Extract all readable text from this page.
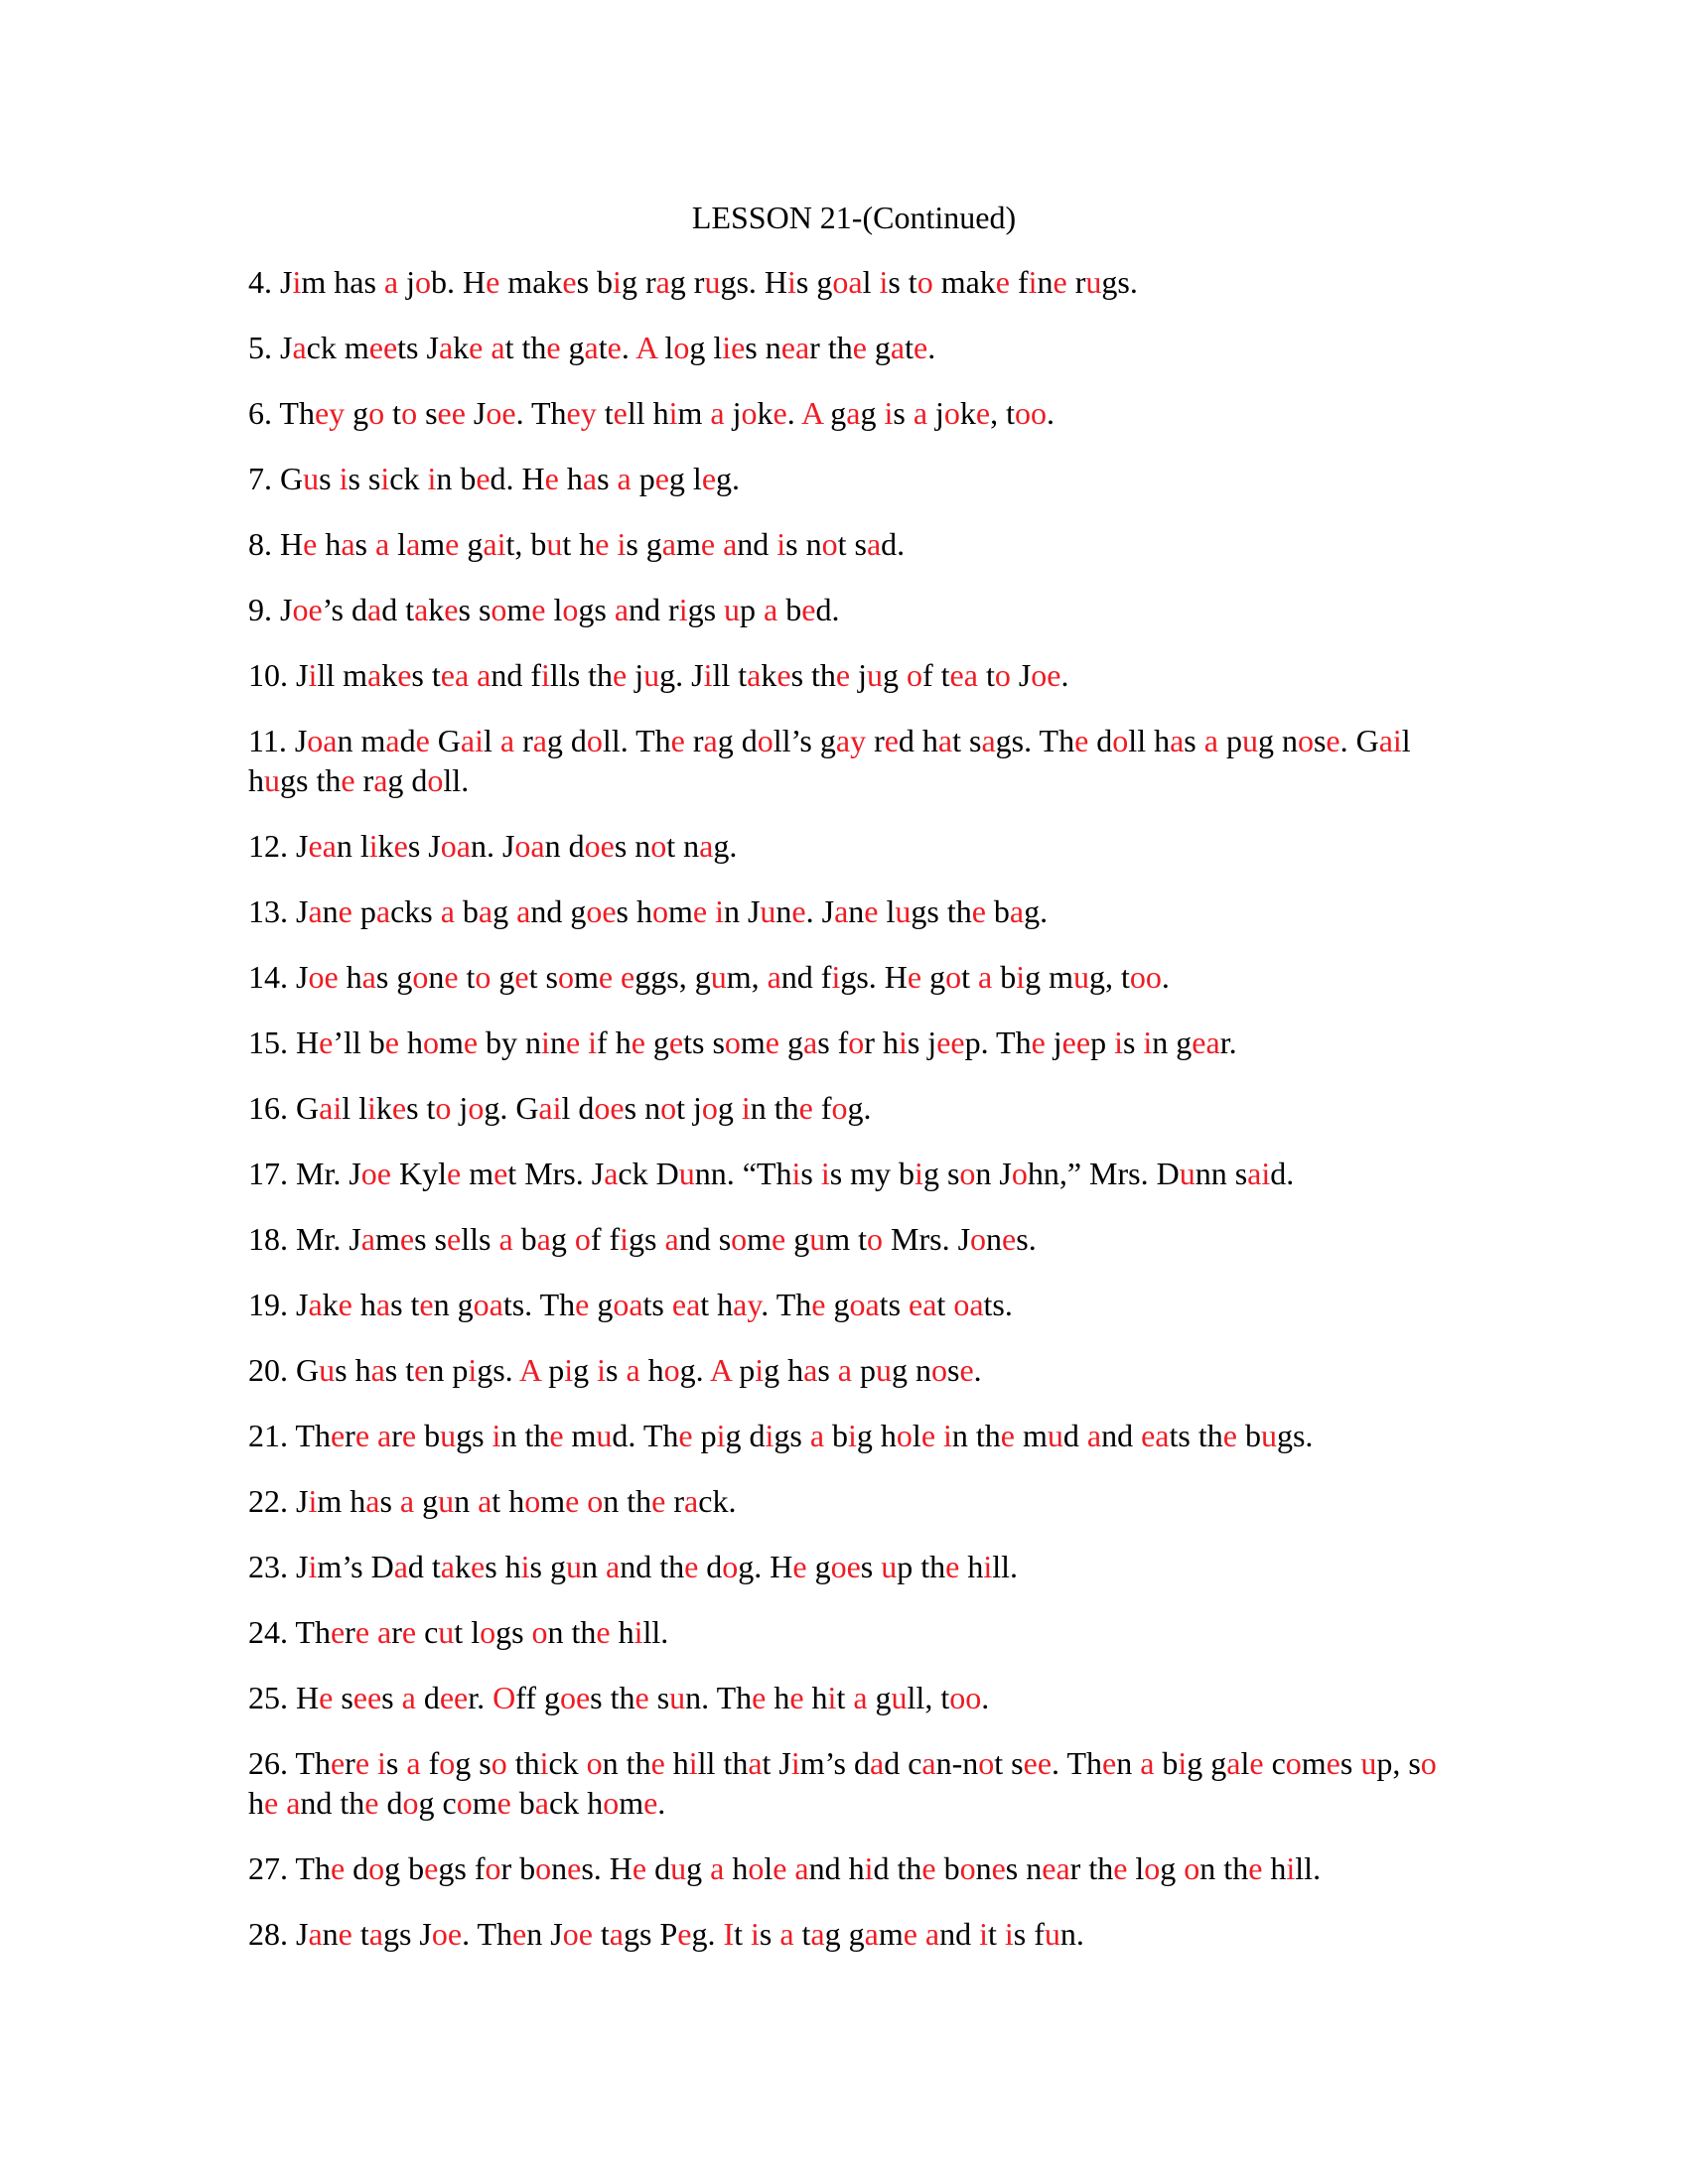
LESSON 21-(Continued)
4. Jim has a job. He makes big rag rugs. His goal is to make fine rugs.
5. Jack meets Jake at the gate. A log lies near the gate.
6. They go to see Joe. They tell him a joke. A gag is a joke, too.
7. Gus is sick in bed. He has a peg leg.
8. He has a lame gait, but he is game and is not sad.
9. Joe’s dad takes some logs and rigs up a bed.
10. Jill makes tea and fills the jug. Jill takes the jug of tea to Joe.
11. Joan made Gail a rag doll. The rag doll’s gay red hat sags. The doll has a pug nose. Gail hugs the rag doll.
12. Jean likes Joan. Joan does not nag.
13. Jane packs a bag and goes home in June. Jane lugs the bag.
14. Joe has gone to get some eggs, gum, and figs. He got a big mug, too.
15. He’ll be home by nine if he gets some gas for his jeep. The jeep is in gear.
16. Gail likes to jog. Gail does not jog in the fog.
17. Mr. Joe Kyle met Mrs. Jack Dunn. “This is my big son John,” Mrs. Dunn said.
18. Mr. James sells a bag of figs and some gum to Mrs. Jones.
19. Jake has ten goats. The goats eat hay. The goats eat oats.
20. Gus has ten pigs. A pig is a hog. A pig has a pug nose.
21. There are bugs in the mud. The pig digs a big hole in the mud and eats the bugs.
22. Jim has a gun at home on the rack.
23. Jim’s Dad takes his gun and the dog. He goes up the hill.
24. There are cut logs on the hill.
25. He sees a deer. Off goes the sun. The he hit a gull, too.
26. There is a fog so thick on the hill that Jim’s dad can-not see. Then a big gale comes up, so he and the dog come back home.
27. The dog begs for bones. He dug a hole and hid the bones near the log on the hill.
28. Jane tags Joe. Then Joe tags Peg. It is a tag game and it is fun.
